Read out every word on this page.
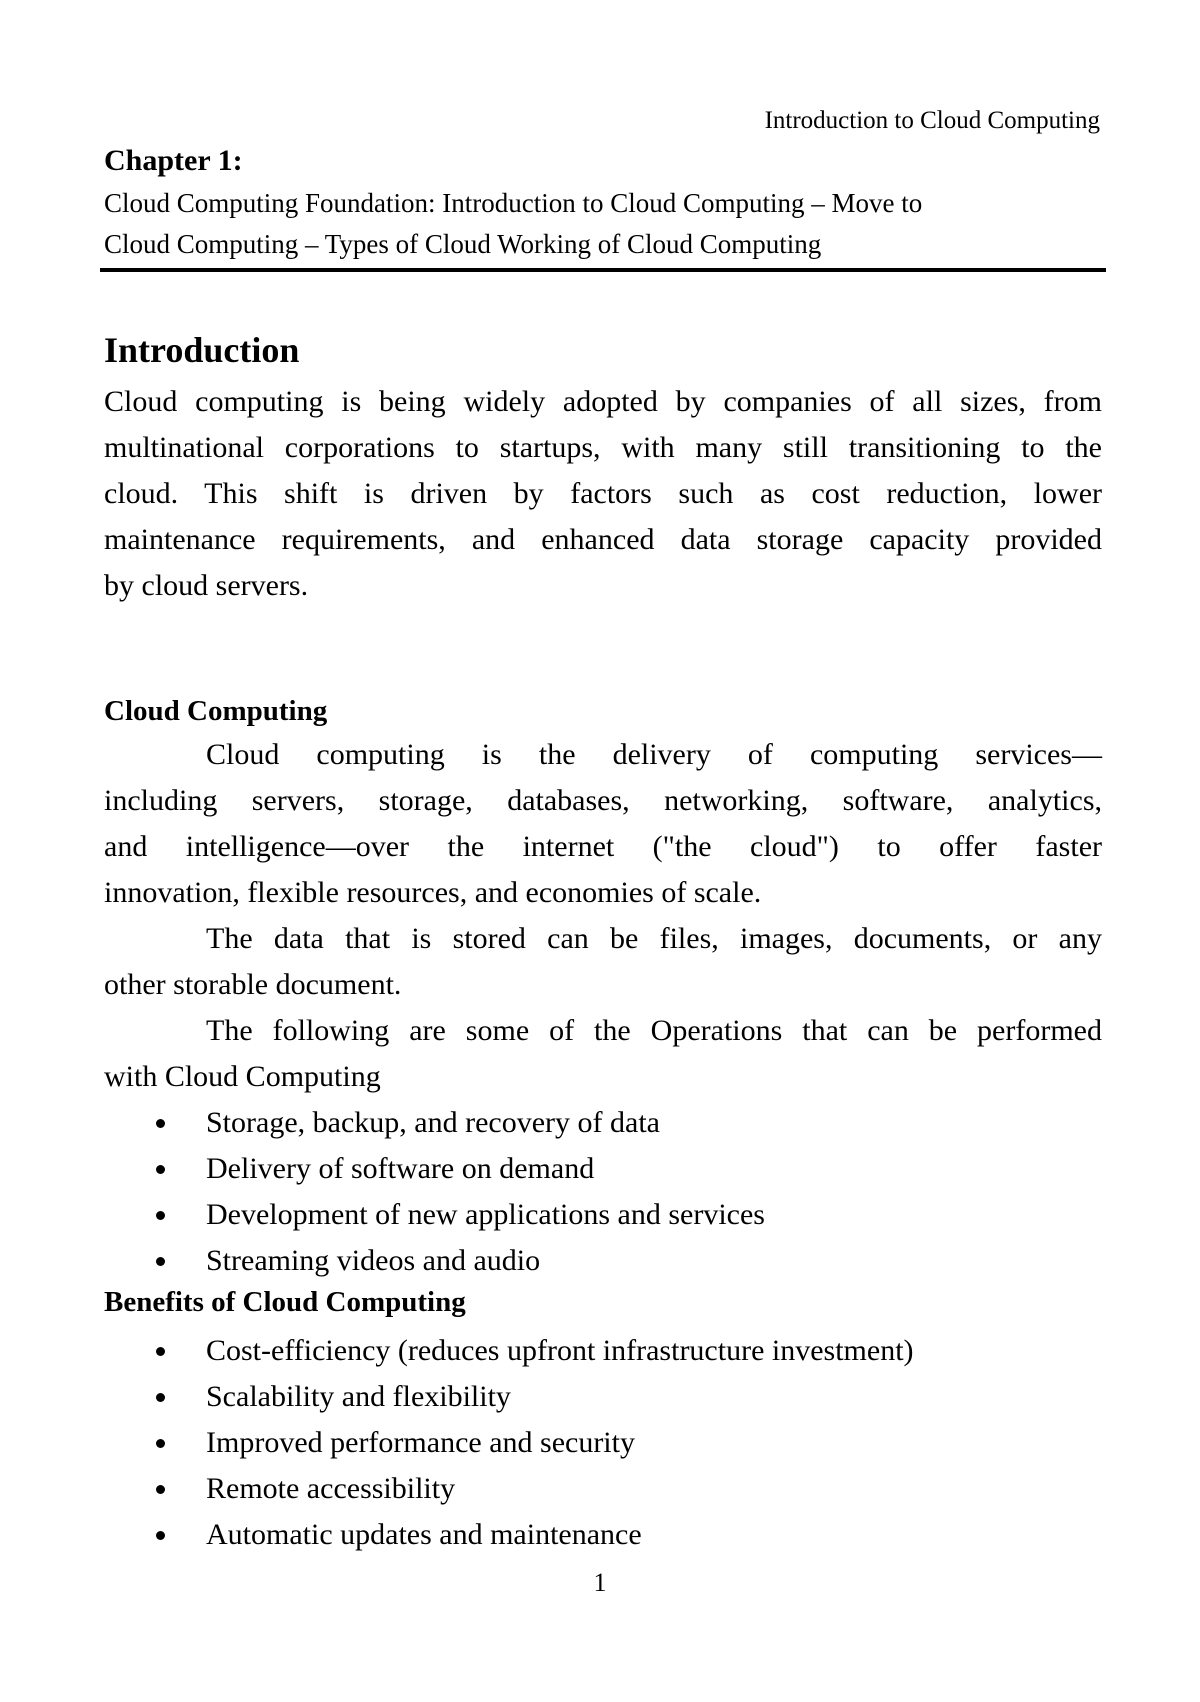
Introduction to Cloud Computing
Chapter 1:

Cloud Computing Foundation: Introduction to Cloud Computing – Move to
Cloud Computing – Types of Cloud Working of Cloud Computing

Introduction

Cloud computing is being widely adopted by companies of all sizes, from
multinational corporations to startups, with many still transitioning to the
cloud. This shift is driven by factors such as cost reduction, lower
maintenance requirements, and enhanced data storage capacity provided
by cloud servers.

Cloud Computing

Cloud computing is the delivery of computing services—
including servers, storage, databases, networking, software, analytics,
and intelligence—over the internet ("the cloud") to offer faster
innovation, flexible resources, and economies of scale.

The data that is stored can be files, images, documents, or any
other storable document.

The following are some of the Operations that can be performed
with Cloud Computing

Storage, backup, and recovery of data
Delivery of software on demand
Development of new applications and services
Streaming videos and audio
Benefits of Cloud Computing
Cost-efficiency (reduces upfront infrastructure investment)
Scalability and flexibility
Improved performance and security
Remote accessibility
Automatic updates and maintenance
1
